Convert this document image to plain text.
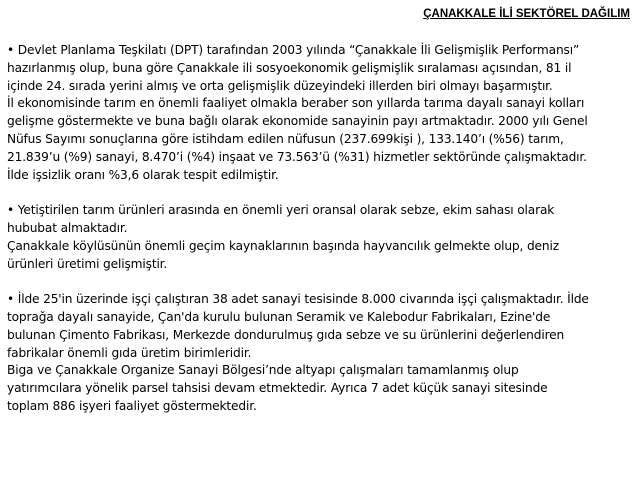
ÇANAKKALE İLİ SEKTÖREL DAĞILIM
• Devlet Planlama Teşkilatı (DPT) tarafından 2003 yılında “Çanakkale İli Gelişmişlik Performansı”
hazırlanmış olup, buna göre Çanakkale ili sosyoekonomik gelişmişlik sıralaması açısından, 81 il
içinde 24. sırada yerini almış ve orta gelişmişlik düzeyindeki illerden biri olmayı başarmıştır.
İl ekonomisinde tarım en önemli faaliyet olmakla beraber son yıllarda tarıma dayalı sanayi kolları
gelişme göstermekte ve buna bağlı olarak ekonomide sanayinin payı artmaktadır. 2000 yılı Genel
Nüfus Sayımı sonuçlarına göre istihdam edilen nüfusun (237.699kişi ), 133.140’ı (%56) tarım,
21.839’u (%9) sanayi, 8.470’i (%4) inşaat ve 73.563’ü (%31) hizmetler sektöründe çalışmaktadır.
İlde işsizlik oranı %3,6 olarak tespit edilmiştir.
• Yetiştirilen tarım ürünleri arasında en önemli yeri oransal olarak sebze, ekim sahası olarak
hububat almaktadır.
Çanakkale köylüsünün önemli geçim kaynaklarının başında hayvancılık gelmekte olup, deniz
ürünleri üretimi gelişmiştir.
• İlde 25'in üzerinde işçi çalıştıran 38 adet sanayi tesisinde 8.000 civarında işçi çalışmaktadır. İlde
toprağa dayalı sanayide, Çan'da kurulu bulunan Seramik ve Kalebodur Fabrikaları, Ezine'de
bulunan Çimento Fabrikası, Merkezde dondurulmuş gıda sebze ve su ürünlerini değerlendiren
fabrikalar önemli gıda üretim birimleridir.
Biga ve Çanakkale Organize Sanayi Bölgesi’nde altyapı çalışmaları tamamlanmış olup
yatırımcılara yönelik parsel tahsisi devam etmektedir. Ayrıca 7 adet küçük sanayi sitesinde
toplam 886 işyeri faaliyet göstermektedir.
